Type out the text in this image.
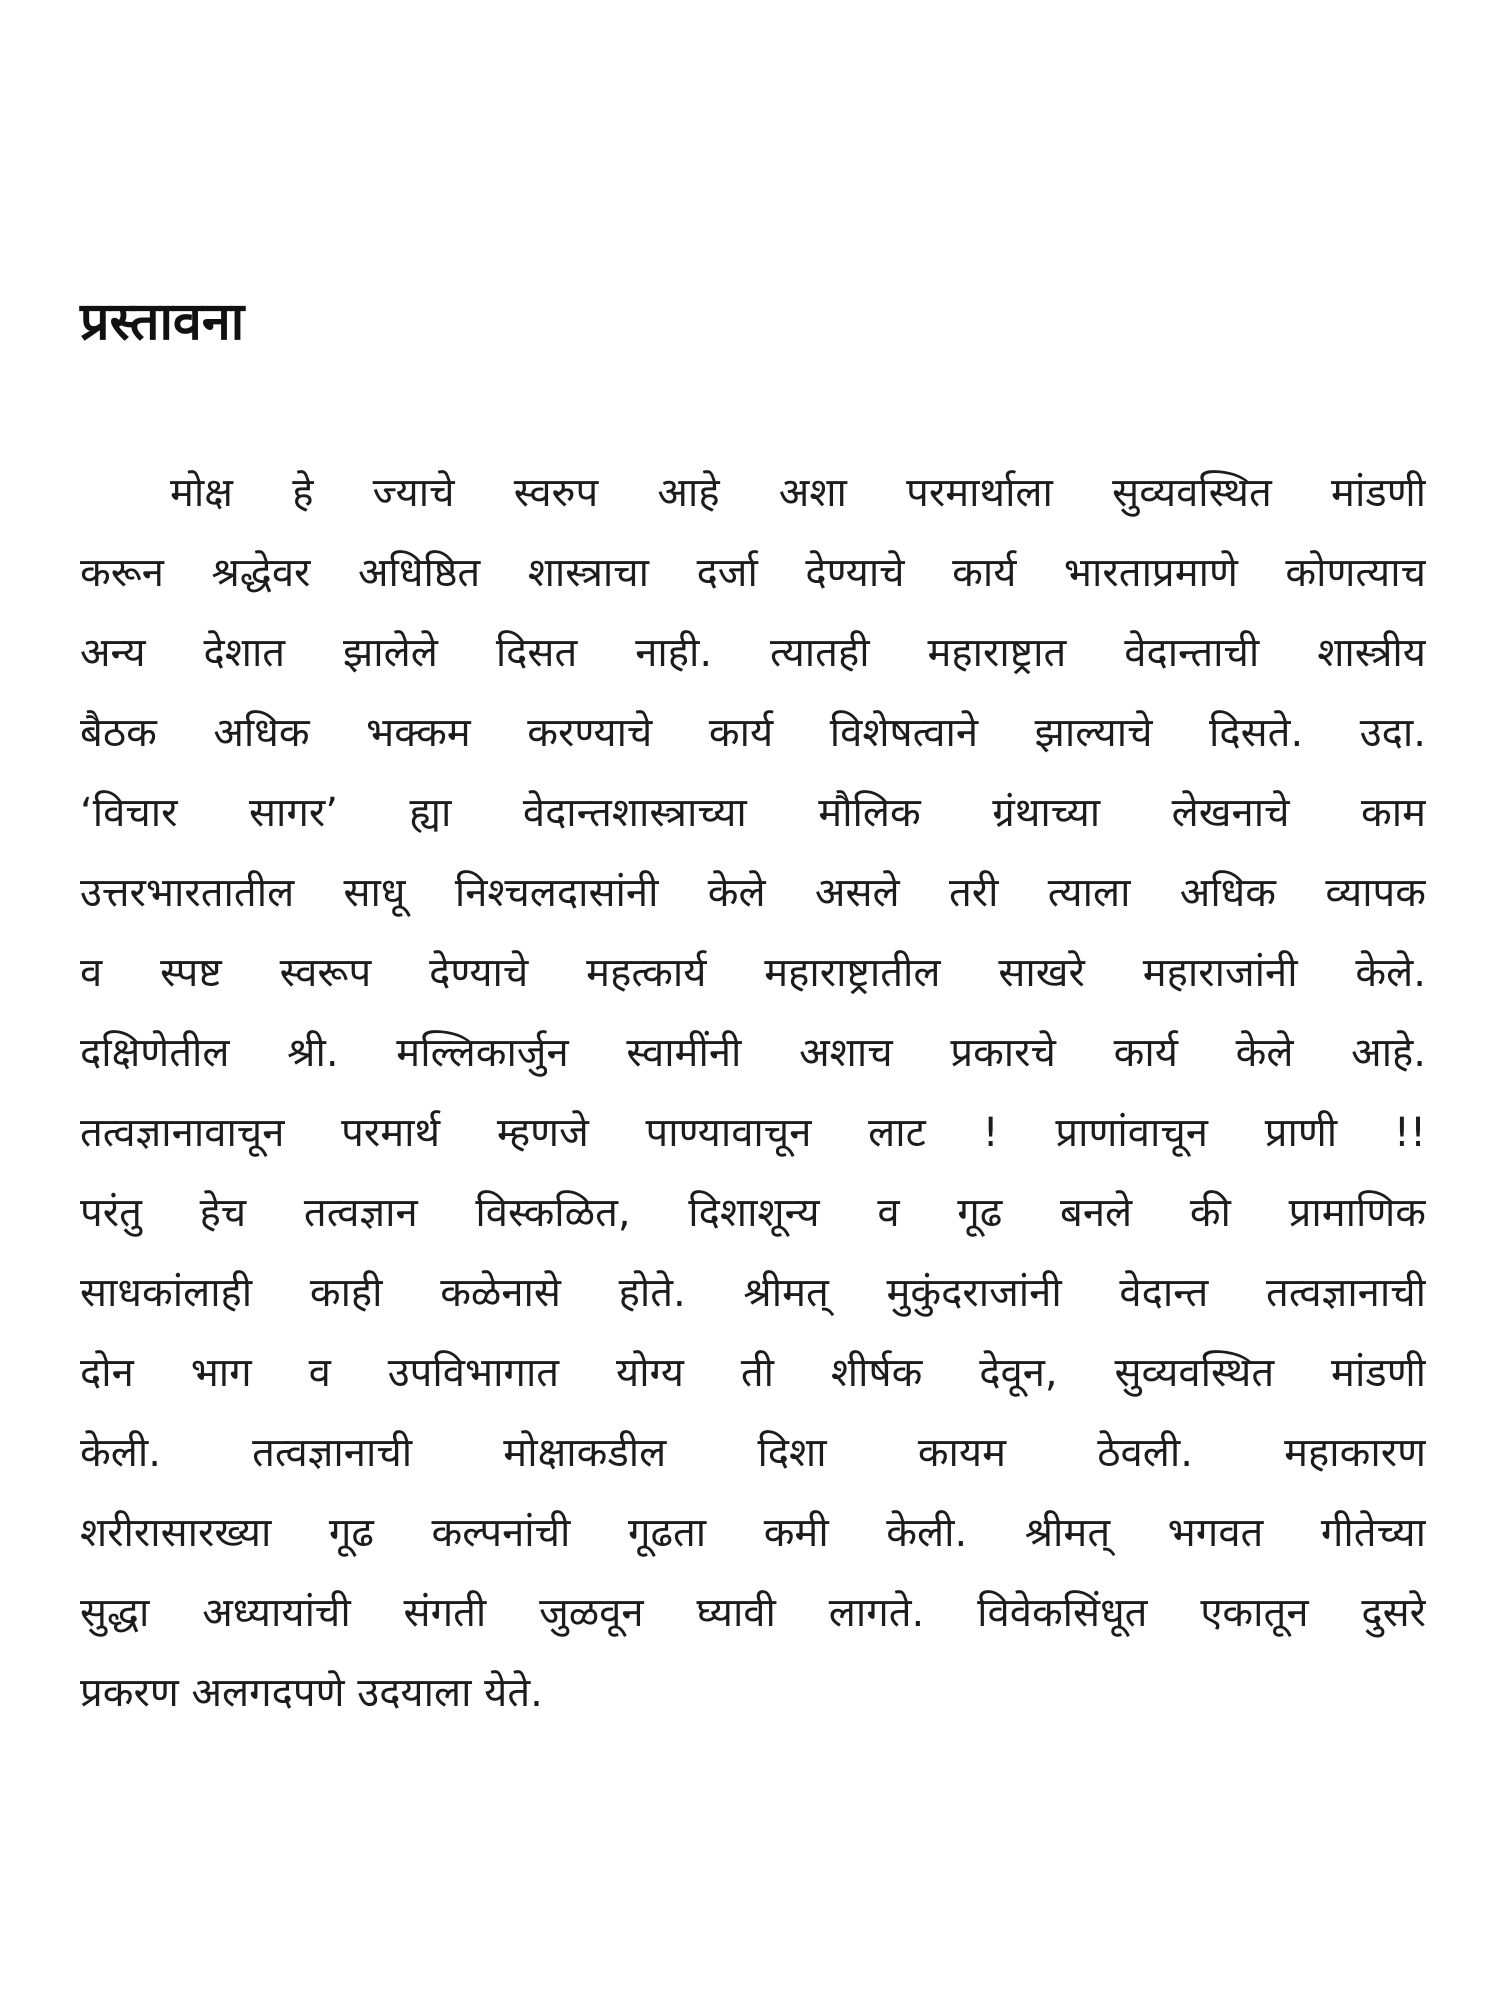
प्रस्तावना
मोक्ष हे ज्याचे स्वरुप आहे अशा परमार्थाला सुव्यवस्थित मांडणी
करून श्रद्धेवर अधिष्ठित शास्त्राचा दर्जा देण्याचे कार्य भारताप्रमाणे कोणत्याच
अन्य देशात झालेले दिसत नाही. त्यातही महाराष्ट्रात वेदान्ताची शास्त्रीय
बैठक अधिक भक्कम करण्याचे कार्य विशेषत्वाने झाल्याचे दिसते. उदा.
‘विचार सागर’ ह्या वेदान्तशास्त्राच्या मौलिक ग्रंथाच्या लेखनाचे काम
उत्तरभारतातील साधू निश्चलदासांनी केले असले तरी त्याला अधिक व्यापक
व स्पष्ट स्वरूप देण्याचे महत्कार्य महाराष्ट्रातील साखरे महाराजांनी केले.
दक्षिणेतील श्री. मल्लिकार्जुन स्वामींनी अशाच प्रकारचे कार्य केले आहे.
तत्वज्ञानावाचून परमार्थ म्हणजे पाण्यावाचून लाट ! प्राणांवाचून प्राणी !!
परंतु हेच तत्वज्ञान विस्कळित, दिशाशून्य व गूढ बनले की प्रामाणिक
साधकांलाही काही कळेनासे होते. श्रीमत् मुकुंदराजांनी वेदान्त तत्वज्ञानाची
दोन भाग व उपविभागात योग्य ती शीर्षक देवून, सुव्यवस्थित मांडणी
केली. तत्वज्ञानाची मोक्षाकडील दिशा कायम ठेवली. महाकारण
शरीरासारख्या गूढ कल्पनांची गूढता कमी केली. श्रीमत् भगवत गीतेच्या
सुद्धा अध्यायांची संगती जुळवून घ्यावी लागते. विवेकसिंधूत एकातून दुसरे
प्रकरण अलगदपणे उदयाला येते.
